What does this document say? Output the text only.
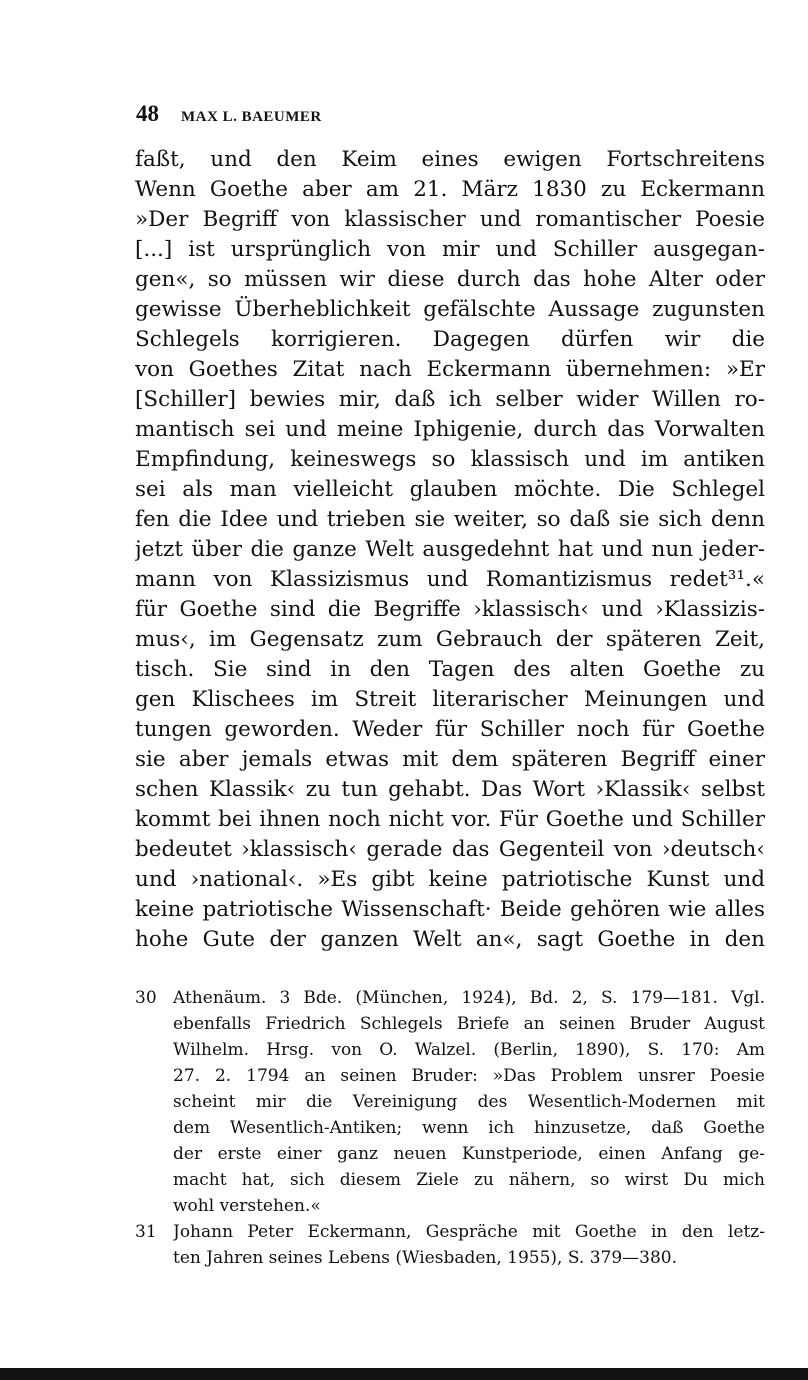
48 MAX L. BAEUMER
faßt, und den Keim eines ewigen Fortschreitens
Wenn Goethe aber am 21. März 1830 zu Eckermann
»Der Begriff von klassischer und romantischer Poesie
[...] ist ursprünglich von mir und Schiller ausgegan-
gen«, so müssen wir diese durch das hohe Alter oder
gewisse Überheblichkeit gefälschte Aussage zugunsten
Schlegels korrigieren. Dagegen dürfen wir die
von Goethes Zitat nach Eckermann übernehmen: »Er
[Schiller] bewies mir, daß ich selber wider Willen ro-
mantisch sei und meine Iphigenie, durch das Vorwalten
Empfindung, keineswegs so klassisch und im antiken
sei als man vielleicht glauben möchte. Die Schlegel
fen die Idee und trieben sie weiter, so daß sie sich denn
jetzt über die ganze Welt ausgedehnt hat und nun jeder-
mann von Klassizismus und Romantizismus redet³¹.«
für Goethe sind die Begriffe ›klassisch‹ und ›Klassizis-
mus‹, im Gegensatz zum Gebrauch der späteren Zeit,
tisch. Sie sind in den Tagen des alten Goethe zu
gen Klischees im Streit literarischer Meinungen und
tungen geworden. Weder für Schiller noch für Goethe
sie aber jemals etwas mit dem späteren Begriff einer
schen Klassik‹ zu tun gehabt. Das Wort ›Klassik‹ selbst
kommt bei ihnen noch nicht vor. Für Goethe und Schiller
bedeutet ›klassisch‹ gerade das Gegenteil von ›deutsch‹
und ›national‹. »Es gibt keine patriotische Kunst und
keine patriotische Wissenschaft· Beide gehören wie alles
hohe Gute der ganzen Welt an«, sagt Goethe in den
30 Athenäum. 3 Bde. (München, 1924), Bd. 2, S. 179—181. Vgl.
ebenfalls Friedrich Schlegels Briefe an seinen Bruder August
Wilhelm. Hrsg. von O. Walzel. (Berlin, 1890), S. 170: Am
27. 2. 1794 an seinen Bruder: »Das Problem unsrer Poesie
scheint mir die Vereinigung des Wesentlich-Modernen mit
dem Wesentlich-Antiken; wenn ich hinzusetze, daß Goethe
der erste einer ganz neuen Kunstperiode, einen Anfang ge-
macht hat, sich diesem Ziele zu nähern, so wirst Du mich
wohl verstehen.«
31 Johann Peter Eckermann, Gespräche mit Goethe in den letz-
ten Jahren seines Lebens (Wiesbaden, 1955), S. 379—380.
